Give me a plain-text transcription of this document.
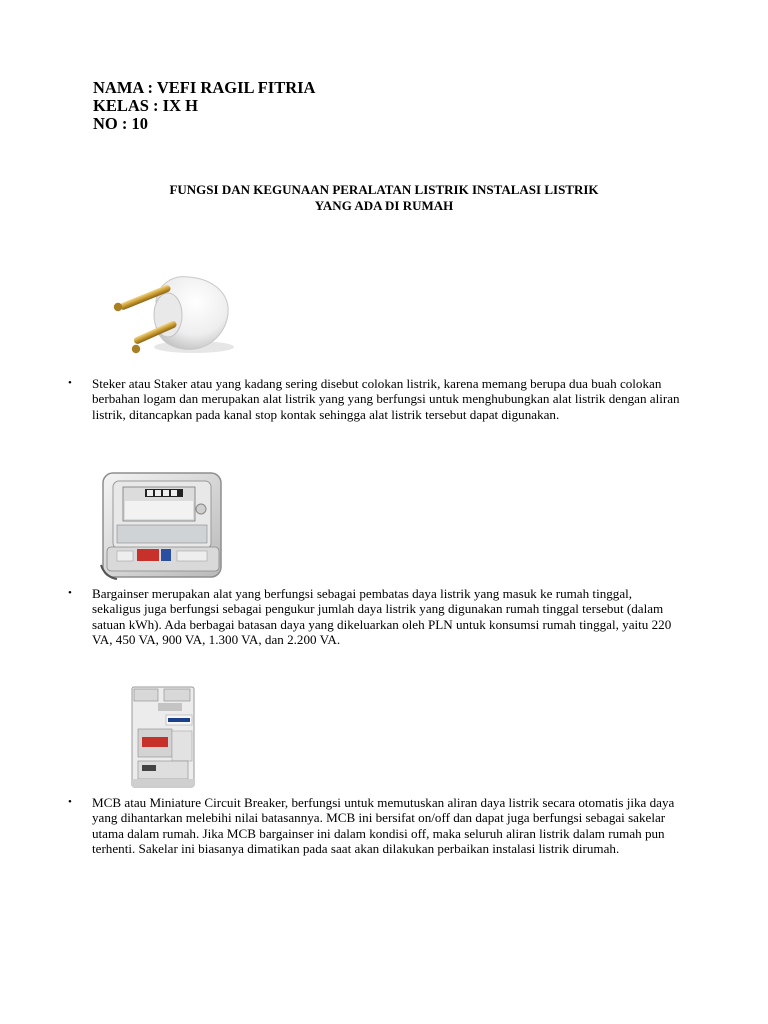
NAMA : VEFI RAGIL FITRIA
KELAS : IX H
NO : 10
FUNGSI DAN KEGUNAAN PERALATAN LISTRIK INSTALASI LISTRIK
YANG ADA DI RUMAH
• Steker atau Staker atau yang kadang sering disebut colokan listrik, karena memang berupa dua buah colokan berbahan logam dan merupakan alat listrik yang yang berfungsi untuk menghubungkan alat listrik dengan aliran listrik, ditancapkan pada kanal stop kontak sehingga alat listrik tersebut dapat digunakan.
• Bargainser merupakan alat yang berfungsi sebagai pembatas daya listrik yang masuk ke rumah tinggal, sekaligus juga berfungsi sebagai pengukur jumlah daya listrik yang digunakan rumah tinggal tersebut (dalam satuan kWh). Ada berbagai batasan daya yang dikeluarkan oleh PLN untuk konsumsi rumah tinggal, yaitu 220 VA, 450 VA, 900 VA, 1.300 VA, dan 2.200 VA.
• MCB atau Miniature Circuit Breaker, berfungsi untuk memutuskan aliran daya listrik secara otomatis jika daya yang dihantarkan melebihi nilai batasannya. MCB ini bersifat on/off dan dapat juga berfungsi sebagai sakelar utama dalam rumah. Jika MCB bargainser ini dalam kondisi off, maka seluruh aliran listrik dalam rumah pun terhenti. Sakelar ini biasanya dimatikan pada saat akan dilakukan perbaikan instalasi listrik dirumah.
